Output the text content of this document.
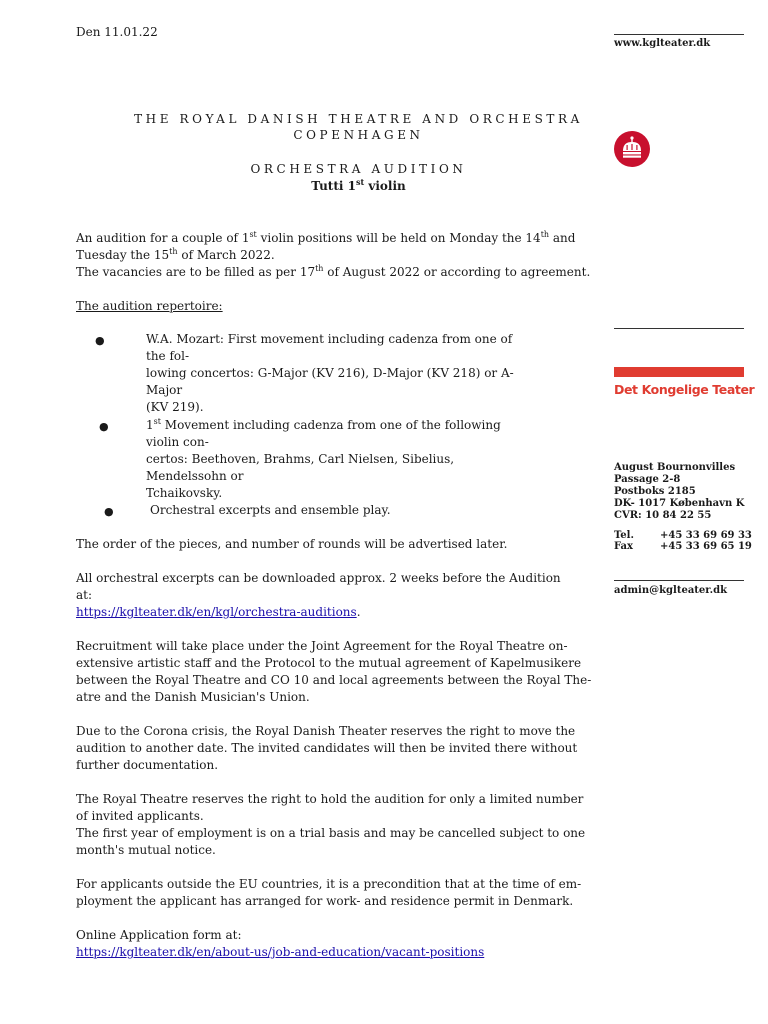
www.kglteater.dk
Det Kongelige Teater
August Bournonvilles
Passage 2-8
Postboks 2185
DK- 1017 København K
CVR: 10 84 22 55
Tel.	+45 33 69 69 33
Fax	+45 33 69 65 19
admin@kglteater.dk
Den 11.01.22
THE ROYAL DANISH THEATRE AND ORCHESTRA
COPENHAGEN
ORCHESTRA AUDITION
Tutti 1st violin
An audition for a couple of 1st violin positions will be held on Monday the 14th and
Tuesday the 15th of March 2022.
The vacancies are to be filled as per 17th of August 2022 or according to agreement.
The audition repertoire:
●	W.A. Mozart: First movement including cadenza from one of the fol-
lowing concertos: G-Major (KV 216), D-Major (KV 218) or A-Major
(KV 219).
●	1st Movement including cadenza from one of the following violin con-
certos: Beethoven, Brahms, Carl Nielsen, Sibelius, Mendelssohn or
Tchaikovsky.
●	Orchestral excerpts and ensemble play.
The order of the pieces, and number of rounds will be advertised later.
All orchestral excerpts can be downloaded approx. 2 weeks before the Audition
at:
https://kglteater.dk/en/kgl/orchestra-auditions.
Recruitment will take place under the Joint Agreement for the Royal Theatre on-
extensive artistic staff and the Protocol to the mutual agreement of Kapelmusikere
between the Royal Theatre and CO 10 and local agreements between the Royal The-
atre and the Danish Musician's Union.
Due to the Corona crisis, the Royal Danish Theater reserves the right to move the
audition to another date. The invited candidates will then be invited there without
further documentation.
The Royal Theatre reserves the right to hold the audition for only a limited number
of invited applicants.
The first year of employment is on a trial basis and may be cancelled subject to one
month's mutual notice.
For applicants outside the EU countries, it is a precondition that at the time of em-
ployment the applicant has arranged for work- and residence permit in Denmark.
Online Application form at:
https://kglteater.dk/en/about-us/job-and-education/vacant-positions
